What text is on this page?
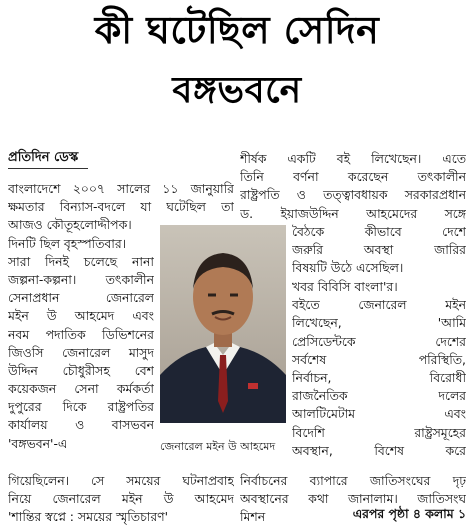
কী ঘটেছিল সেদিন
বঙ্গভবনে
প্রতিদিন ডেস্ক	শীর্ষক একটি বই লিখেছেন। এতে
তিনি বর্ণনা করেছেন তৎকালীন
রাষ্ট্রপতি ও তত্ত্বাবধায়ক সরকারপ্রধান
ড. ইয়াজউদ্দিন আহমেদের সঙ্গে
বৈঠকে কীভাবে দেশে
জরুরি অবস্থা জারির
বিষয়টি উঠে এসেছিল।
বাংলাদেশে ২০০৭ সালের ১১ জানুয়ারি
ক্ষমতার বিন্যাস-বদলে যা ঘটেছিল তা
আজও কৌতূহলোদ্দীপক।
দিনটি ছিল বৃহস্পতিবার।
সারা দিনই চলেছে নানা
জল্পনা-কল্পনা। তৎকালীন
সেনাপ্রধান জেনারেল
মইন উ আহমেদ এবং
নবম পদাতিক ডিভিশনের
জিওসি জেনারেল মাসুদ
উদ্দিন চৌধুরীসহ বেশ
কয়েকজন সেনা কর্মকর্তা
দুপুরের দিকে রাষ্ট্রপতির
কার্যালয় ও বাসভবন
'বঙ্গভবন'-এ
খবর বিবিসি বাংলা'র।
বইতে জেনারেল মইন
লিখেছেন, 'আমি
প্রেসিডেন্টকে দেশের
সর্বশেষ পরিস্থিতি,
নির্বাচন, বিরোধী
রাজনৈতিক দলের
আলটিমেটাম এবং
বিদেশি রাষ্ট্রসমূহের
অবস্থান, বিশেষ করে
জেনারেল মইন উ আহমেদ
গিয়েছিলেন। সে সময়ের ঘটনাপ্রবাহ
নিয়ে জেনারেল মইন উ আহমেদ
'শান্তির স্বপ্নে : সময়ের স্মৃতিচারণ'
নির্বাচনের ব্যাপারে জাতিসংঘের দৃঢ়
অবস্থানের কথা জানালাম। জাতিসংঘ
মিশন	এরপর পৃষ্ঠা ৪ কলাম ১
